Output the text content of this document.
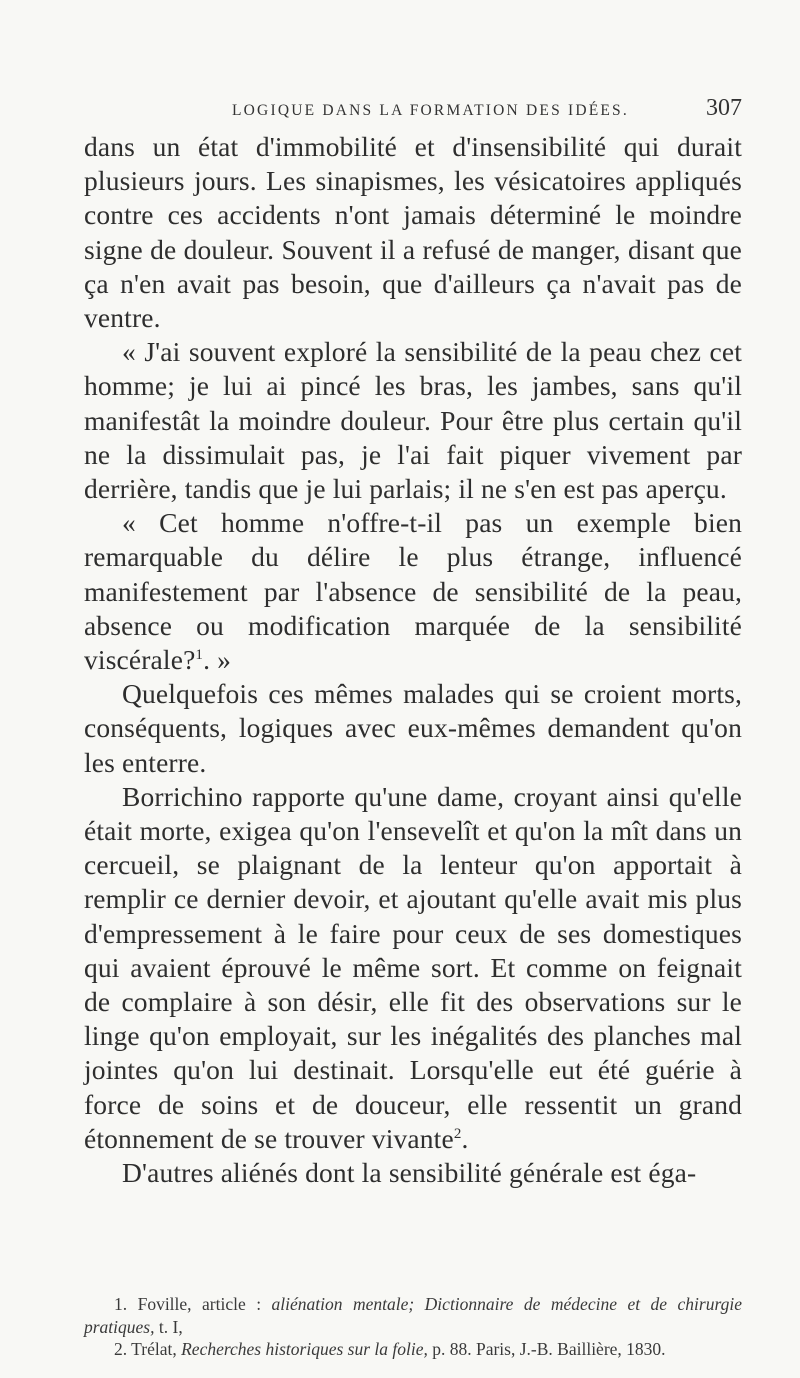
LOGIQUE DANS LA FORMATION DES IDÉES.	307

dans un état d'immobilité et d'insensibilité qui durait plusieurs jours. Les sinapismes, les vésicatoires appliqués contre ces accidents n'ont jamais déterminé le moindre signe de douleur. Souvent il a refusé de manger, disant que ça n'en avait pas besoin, que d'ailleurs ça n'avait pas de ventre.

« J'ai souvent exploré la sensibilité de la peau chez cet homme; je lui ai pincé les bras, les jambes, sans qu'il manifestât la moindre douleur. Pour être plus certain qu'il ne la dissimulait pas, je l'ai fait piquer vivement par derrière, tandis que je lui parlais; il ne s'en est pas aperçu.

« Cet homme n'offre-t-il pas un exemple bien remarquable du délire le plus étrange, influencé manifestement par l'absence de sensibilité de la peau, absence ou modification marquée de la sensibilité viscérale?$^1$. »

Quelquefois ces mêmes malades qui se croient morts, conséquents, logiques avec eux-mêmes demandent qu'on les enterre.

Borrichino rapporte qu'une dame, croyant ainsi qu'elle était morte, exigea qu'on l'ensevelît et qu'on la mît dans un cercueil, se plaignant de la lenteur qu'on apportait à remplir ce dernier devoir, et ajoutant qu'elle avait mis plus d'empressement à le faire pour ceux de ses domestiques qui avaient éprouvé le même sort. Et comme on feignait de complaire à son désir, elle fit des observations sur le linge qu'on employait, sur les inégalités des planches mal jointes qu'on lui destinait. Lorsqu'elle eut été guérie à force de soins et de douceur, elle ressentit un grand étonnement de se trouver vivante$^2$.

D'autres aliénés dont la sensibilité générale est éga-

1. Foville, article : aliénation mentale; Dictionnaire de médecine et de chirurgie pratiques, t. I,

2. Trélat, Recherches historiques sur la folie, p. 88. Paris, J.-B. Baillière, 1830.
